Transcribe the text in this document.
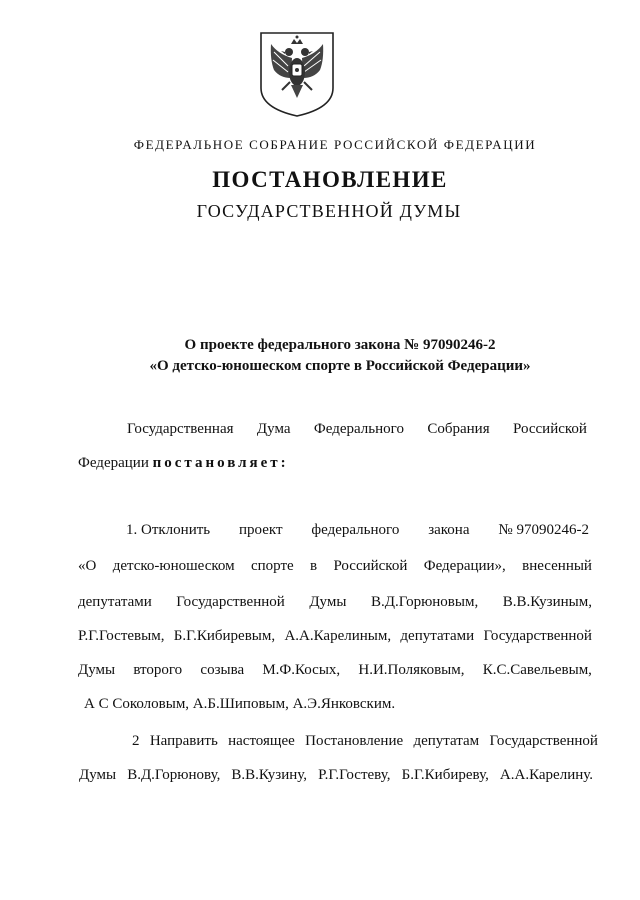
ФЕДЕРАЛЬНОЕ СОБРАНИЕ РОССИЙСКОЙ ФЕДЕРАЦИИ
ПОСТАНОВЛЕНИЕ
ГОСУДАРСТВЕННОЙ ДУМЫ
О проекте федерального закона № 97090246-2
«О детско-юношеском спорте в Российской Федерации»
Государственная Дума Федерального Собрания Российской
Федерации постановляет:
1. Отклонить проект федерального закона № 97090246-2
«О детско-юношеском спорте в Российской Федерации», внесенный
депутатами Государственной Думы В.Д.Горюновым, В.В.Кузиным,
Р.Г.Гостевым, Б.Г.Кибиревым, А.А.Карелиным, депутатами Государственной
Думы второго созыва М.Ф.Косых, Н.И.Поляковым, К.С.Савельевым,
А С Соколовым, А.Б.Шиповым, А.Э.Янковским.
2 Направить настоящее Постановление депутатам Государственной
Думы В.Д.Горюнову, В.В.Кузину, Р.Г.Гостеву, Б.Г.Кибиреву, А.А.Карелину.
